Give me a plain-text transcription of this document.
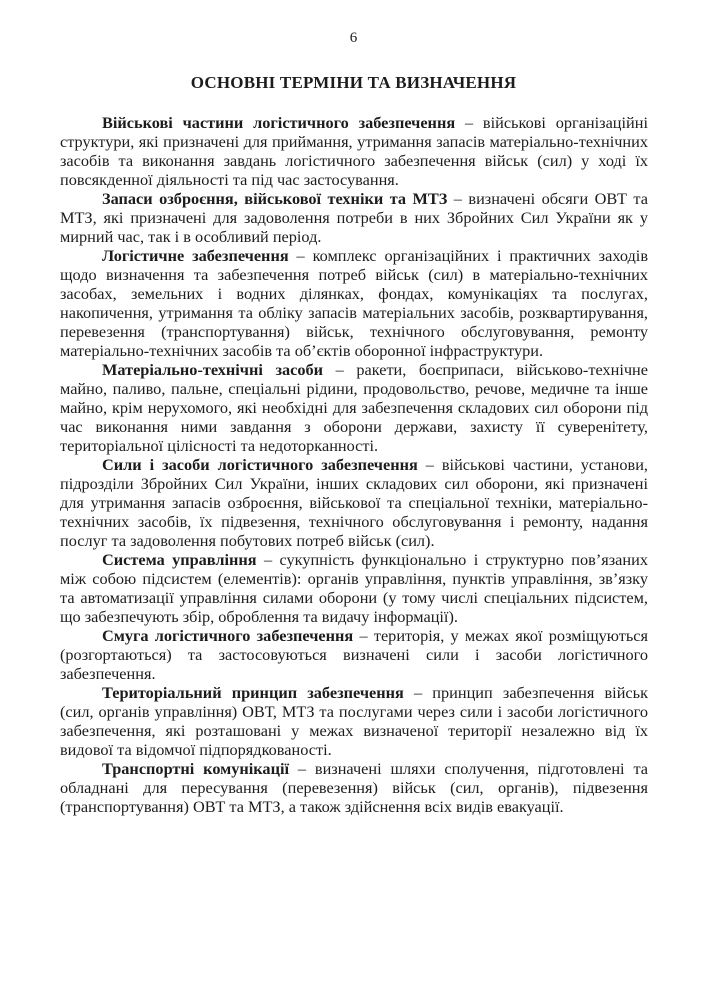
6
ОСНОВНІ ТЕРМІНИ ТА ВИЗНАЧЕННЯ

Військові частини логістичного забезпечення – військові організаційні структури, які призначені для приймання, утримання запасів матеріально-технічних засобів та виконання завдань логістичного забезпечення військ (сил) у ході їх повсякденної діяльності та під час застосування.

Запаси озброєння, військової техніки та МТЗ – визначені обсяги ОВТ та МТЗ, які призначені для задоволення потреби в них Збройних Сил України як у мирний час, так і в особливий період.

Логістичне забезпечення – комплекс організаційних і практичних заходів щодо визначення та забезпечення потреб військ (сил) в матеріально-технічних засобах, земельних і водних ділянках, фондах, комунікаціях та послугах, накопичення, утримання та обліку запасів матеріальних засобів, розквартирування, перевезення (транспортування) військ, технічного обслуговування, ремонту матеріально-технічних засобів та об’єктів оборонної інфраструктури.

Матеріально-технічні засоби – ракети, боєприпаси, військово-технічне майно, паливо, пальне, спеціальні рідини, продовольство, речове, медичне та інше майно, крім нерухомого, які необхідні для забезпечення складових сил оборони під час виконання ними завдання з оборони держави, захисту її суверенітету, територіальної цілісності та недоторканності.

Сили і засоби логістичного забезпечення – військові частини, установи, підрозділи Збройних Сил України, інших складових сил оборони, які призначені для утримання запасів озброєння, військової та спеціальної техніки, матеріально-технічних засобів, їх підвезення, технічного обслуговування і ремонту, надання послуг та задоволення побутових потреб військ (сил).

Система управління – сукупність функціонально і структурно пов’язаних між собою підсистем (елементів): органів управління, пунктів управління, зв’язку та автоматизації управління силами оборони (у тому числі спеціальних підсистем, що забезпечують збір, оброблення та видачу інформації).

Смуга логістичного забезпечення – територія, у межах якої розміщуються (розгортаються) та застосовуються визначені сили і засоби логістичного забезпечення.

Територіальний принцип забезпечення – принцип забезпечення військ (сил, органів управління) ОВТ, МТЗ та послугами через сили і засоби логістичного забезпечення, які розташовані у межах визначеної території незалежно від їх видової та відомчої підпорядкованості.

Транспортні комунікації – визначені шляхи сполучення, підготовлені та обладнані для пересування (перевезення) військ (сил, органів), підвезення (транспортування) ОВТ та МТЗ, а також здійснення всіх видів евакуації.
